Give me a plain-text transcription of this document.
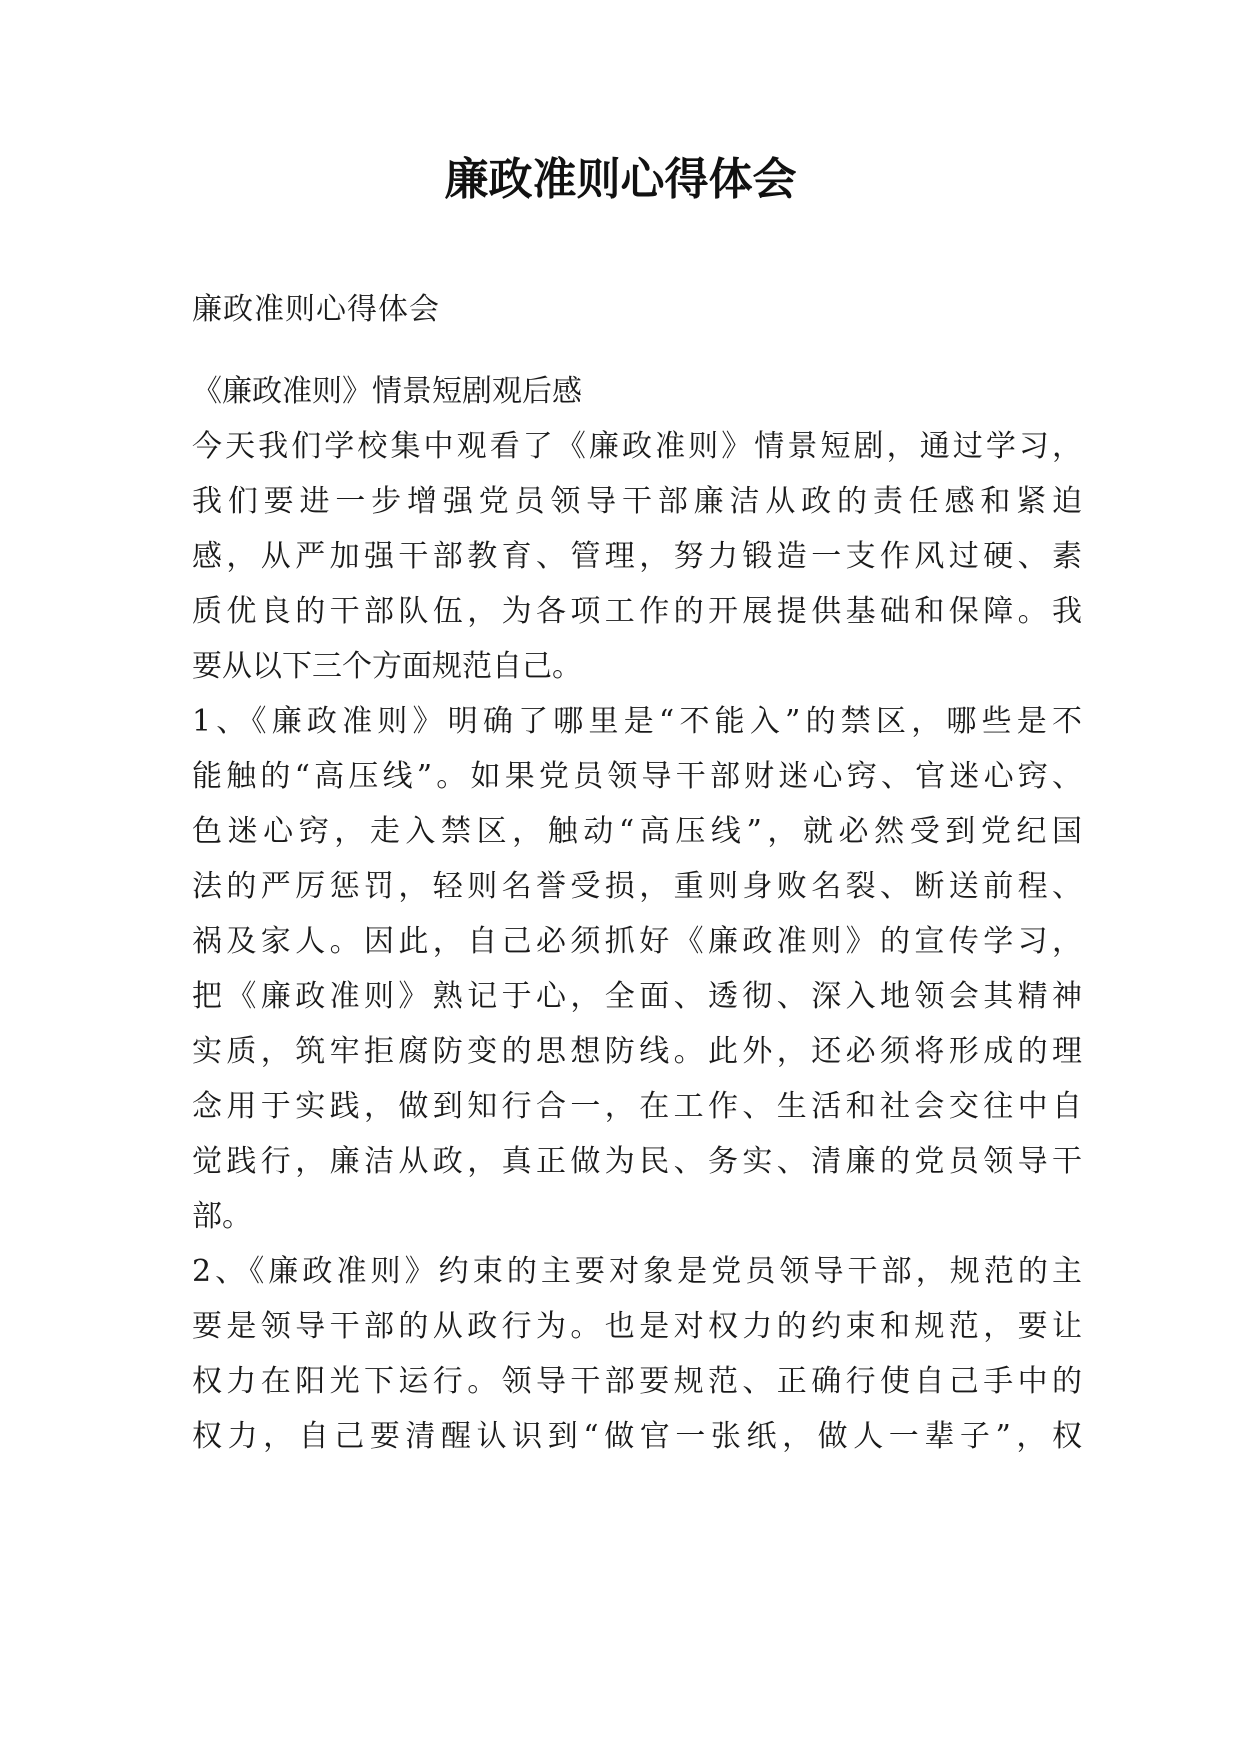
廉政准则心得体会
廉政准则心得体会
《廉政准则》情景短剧观后感
今天我们学校集中观看了《廉政准则》情景短剧，通过学习，
我们要进一步增强党员领导干部廉洁从政的责任感和紧迫
感，从严加强干部教育、管理，努力锻造一支作风过硬、素
质优良的干部队伍，为各项工作的开展提供基础和保障。我
要从以下三个方面规范自己。
1、《廉政准则》明确了哪里是“不能入”的禁区，哪些是不
能触的“高压线”。如果党员领导干部财迷心窍、官迷心窍、
色迷心窍，走入禁区，触动“高压线”，就必然受到党纪国
法的严厉惩罚，轻则名誉受损，重则身败名裂、断送前程、
祸及家人。因此，自己必须抓好《廉政准则》的宣传学习，
把《廉政准则》熟记于心，全面、透彻、深入地领会其精神
实质，筑牢拒腐防变的思想防线。此外，还必须将形成的理
念用于实践，做到知行合一，在工作、生活和社会交往中自
觉践行，廉洁从政，真正做为民、务实、清廉的党员领导干
部。
2、《廉政准则》约束的主要对象是党员领导干部，规范的主
要是领导干部的从政行为。也是对权力的约束和规范，要让
权力在阳光下运行。领导干部要规范、正确行使自己手中的
权力，自己要清醒认识到“做官一张纸，做人一辈子”，权
